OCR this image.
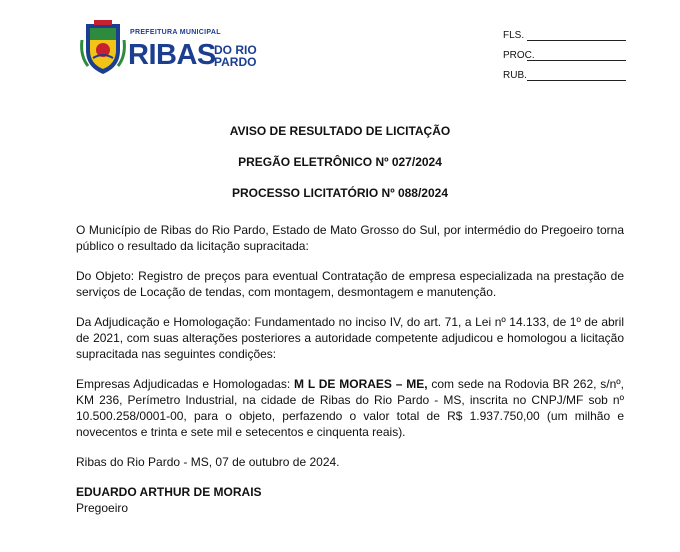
PREFEITURA MUNICIPAL
RIBAS
DO RIO
PARDO
FLS.
PROC.
RUB.
AVISO DE RESULTADO DE LICITAÇÃO
PREGÃO ELETRÔNICO Nº 027/2024
PROCESSO LICITATÓRIO Nº 088/2024

O Município de Ribas do Rio Pardo, Estado de Mato Grosso do Sul, por intermédio do Pregoeiro torna público o resultado da licitação supracitada:

Do Objeto: Registro de preços para eventual Contratação de empresa especializada na prestação de serviços de Locação de tendas, com montagem, desmontagem e manutenção.

Da Adjudicação e Homologação: Fundamentado no inciso IV, do art. 71, a Lei nº 14.133, de 1º de abril de 2021, com suas alterações posteriores a autoridade competente adjudicou e homologou a licitação supracitada nas seguintes condições:

Empresas Adjudicadas e Homologadas: M L DE MORAES – ME, com sede na Rodovia BR 262, s/nº, KM 236, Perímetro Industrial, na cidade de Ribas do Rio Pardo - MS, inscrita no CNPJ/MF sob nº 10.500.258/0001-00, para o objeto, perfazendo o valor total de R$ 1.937.750,00 (um milhão e novecentos e trinta e sete mil e setecentos e cinquenta reais).

Ribas do Rio Pardo - MS, 07 de outubro de 2024.

EDUARDO ARTHUR DE MORAIS
Pregoeiro
